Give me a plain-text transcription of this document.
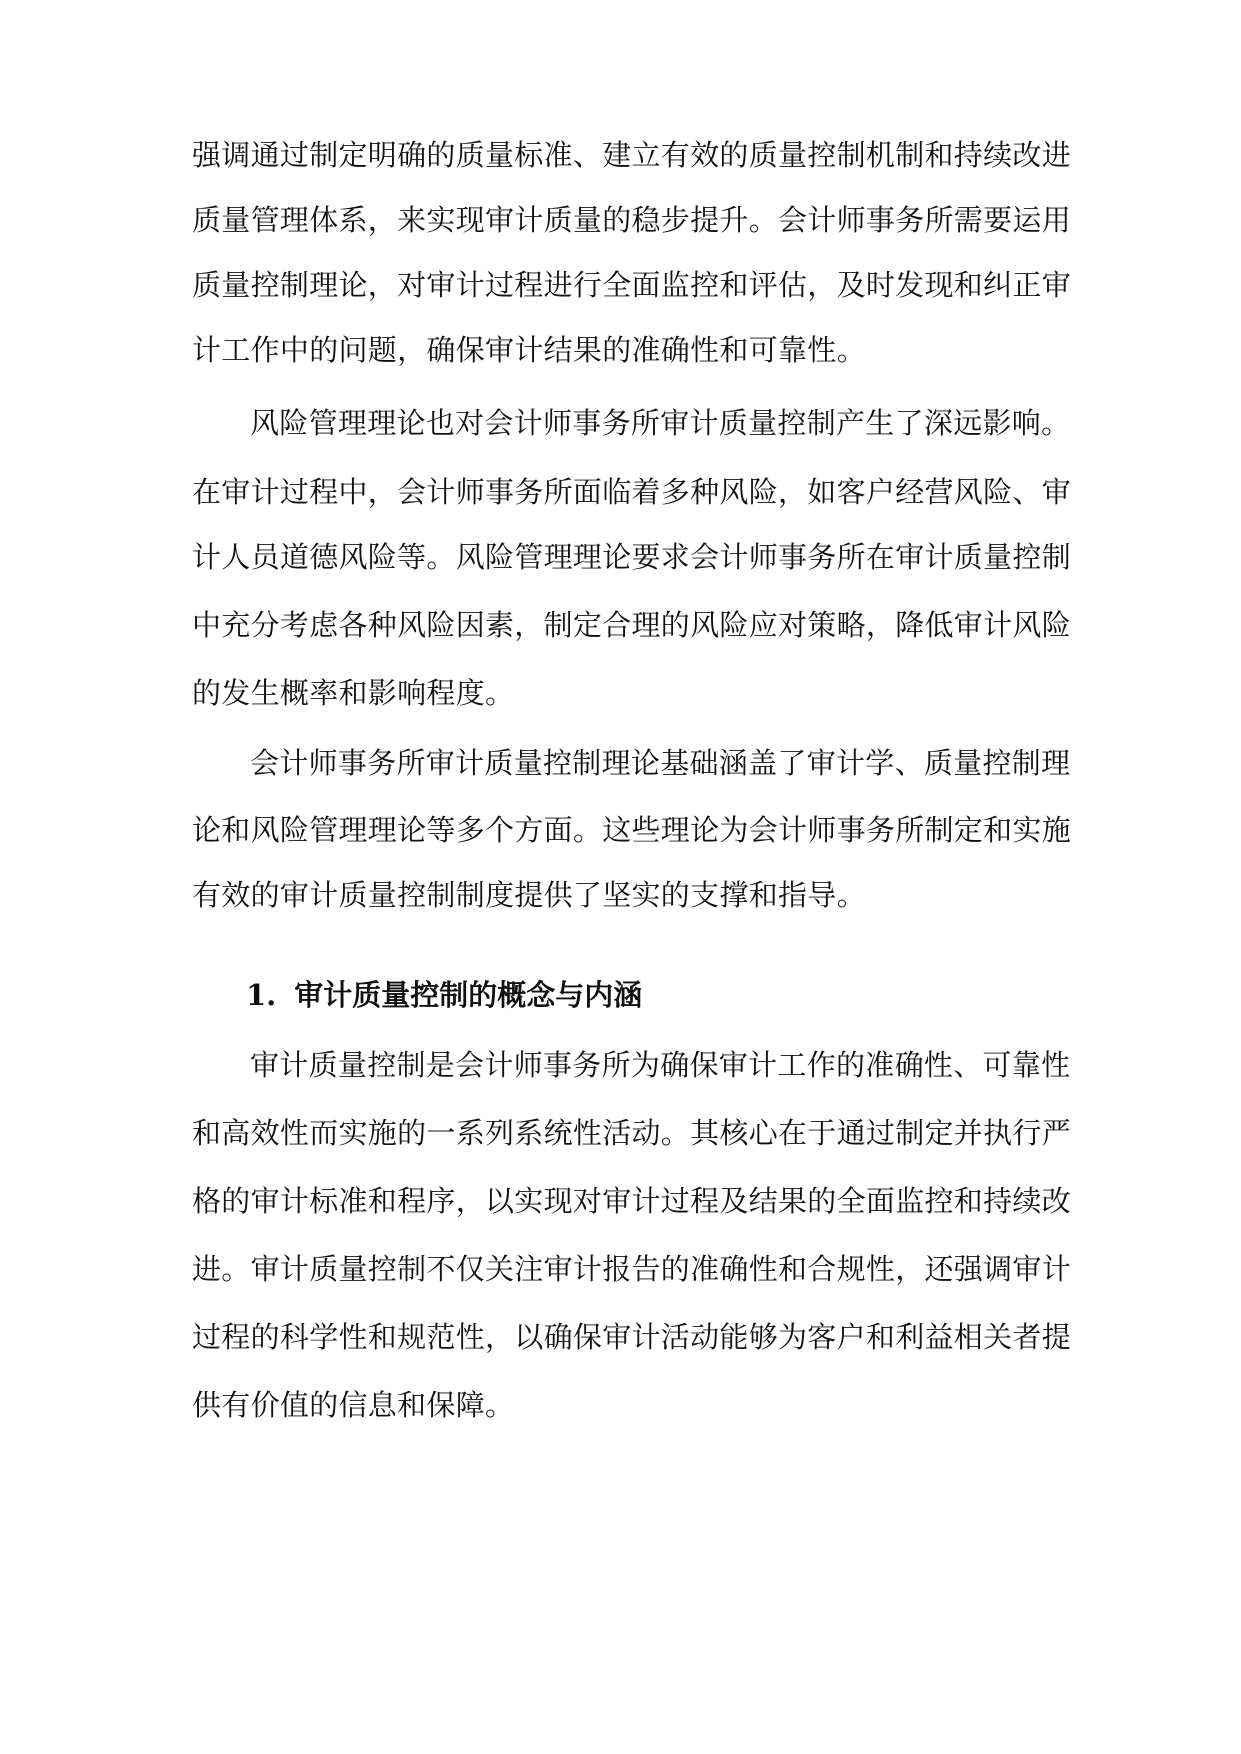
强调通过制定明确的质量标准、建立有效的质量控制机制和持续改进
质量管理体系，来实现审计质量的稳步提升。会计师事务所需要运用
质量控制理论，对审计过程进行全面监控和评估，及时发现和纠正审
计工作中的问题，确保审计结果的准确性和可靠性。
风险管理理论也对会计师事务所审计质量控制产生了深远影响。
在审计过程中，会计师事务所面临着多种风险，如客户经营风险、审
计人员道德风险等。风险管理理论要求会计师事务所在审计质量控制
中充分考虑各种风险因素，制定合理的风险应对策略，降低审计风险
的发生概率和影响程度。
会计师事务所审计质量控制理论基础涵盖了审计学、质量控制理
论和风险管理理论等多个方面。这些理论为会计师事务所制定和实施
有效的审计质量控制制度提供了坚实的支撑和指导。
1. 审计质量控制的概念与内涵
审计质量控制是会计师事务所为确保审计工作的准确性、可靠性
和高效性而实施的一系列系统性活动。其核心在于通过制定并执行严
格的审计标准和程序，以实现对审计过程及结果的全面监控和持续改
进。审计质量控制不仅关注审计报告的准确性和合规性，还强调审计
过程的科学性和规范性，以确保审计活动能够为客户和利益相关者提
供有价值的信息和保障。
